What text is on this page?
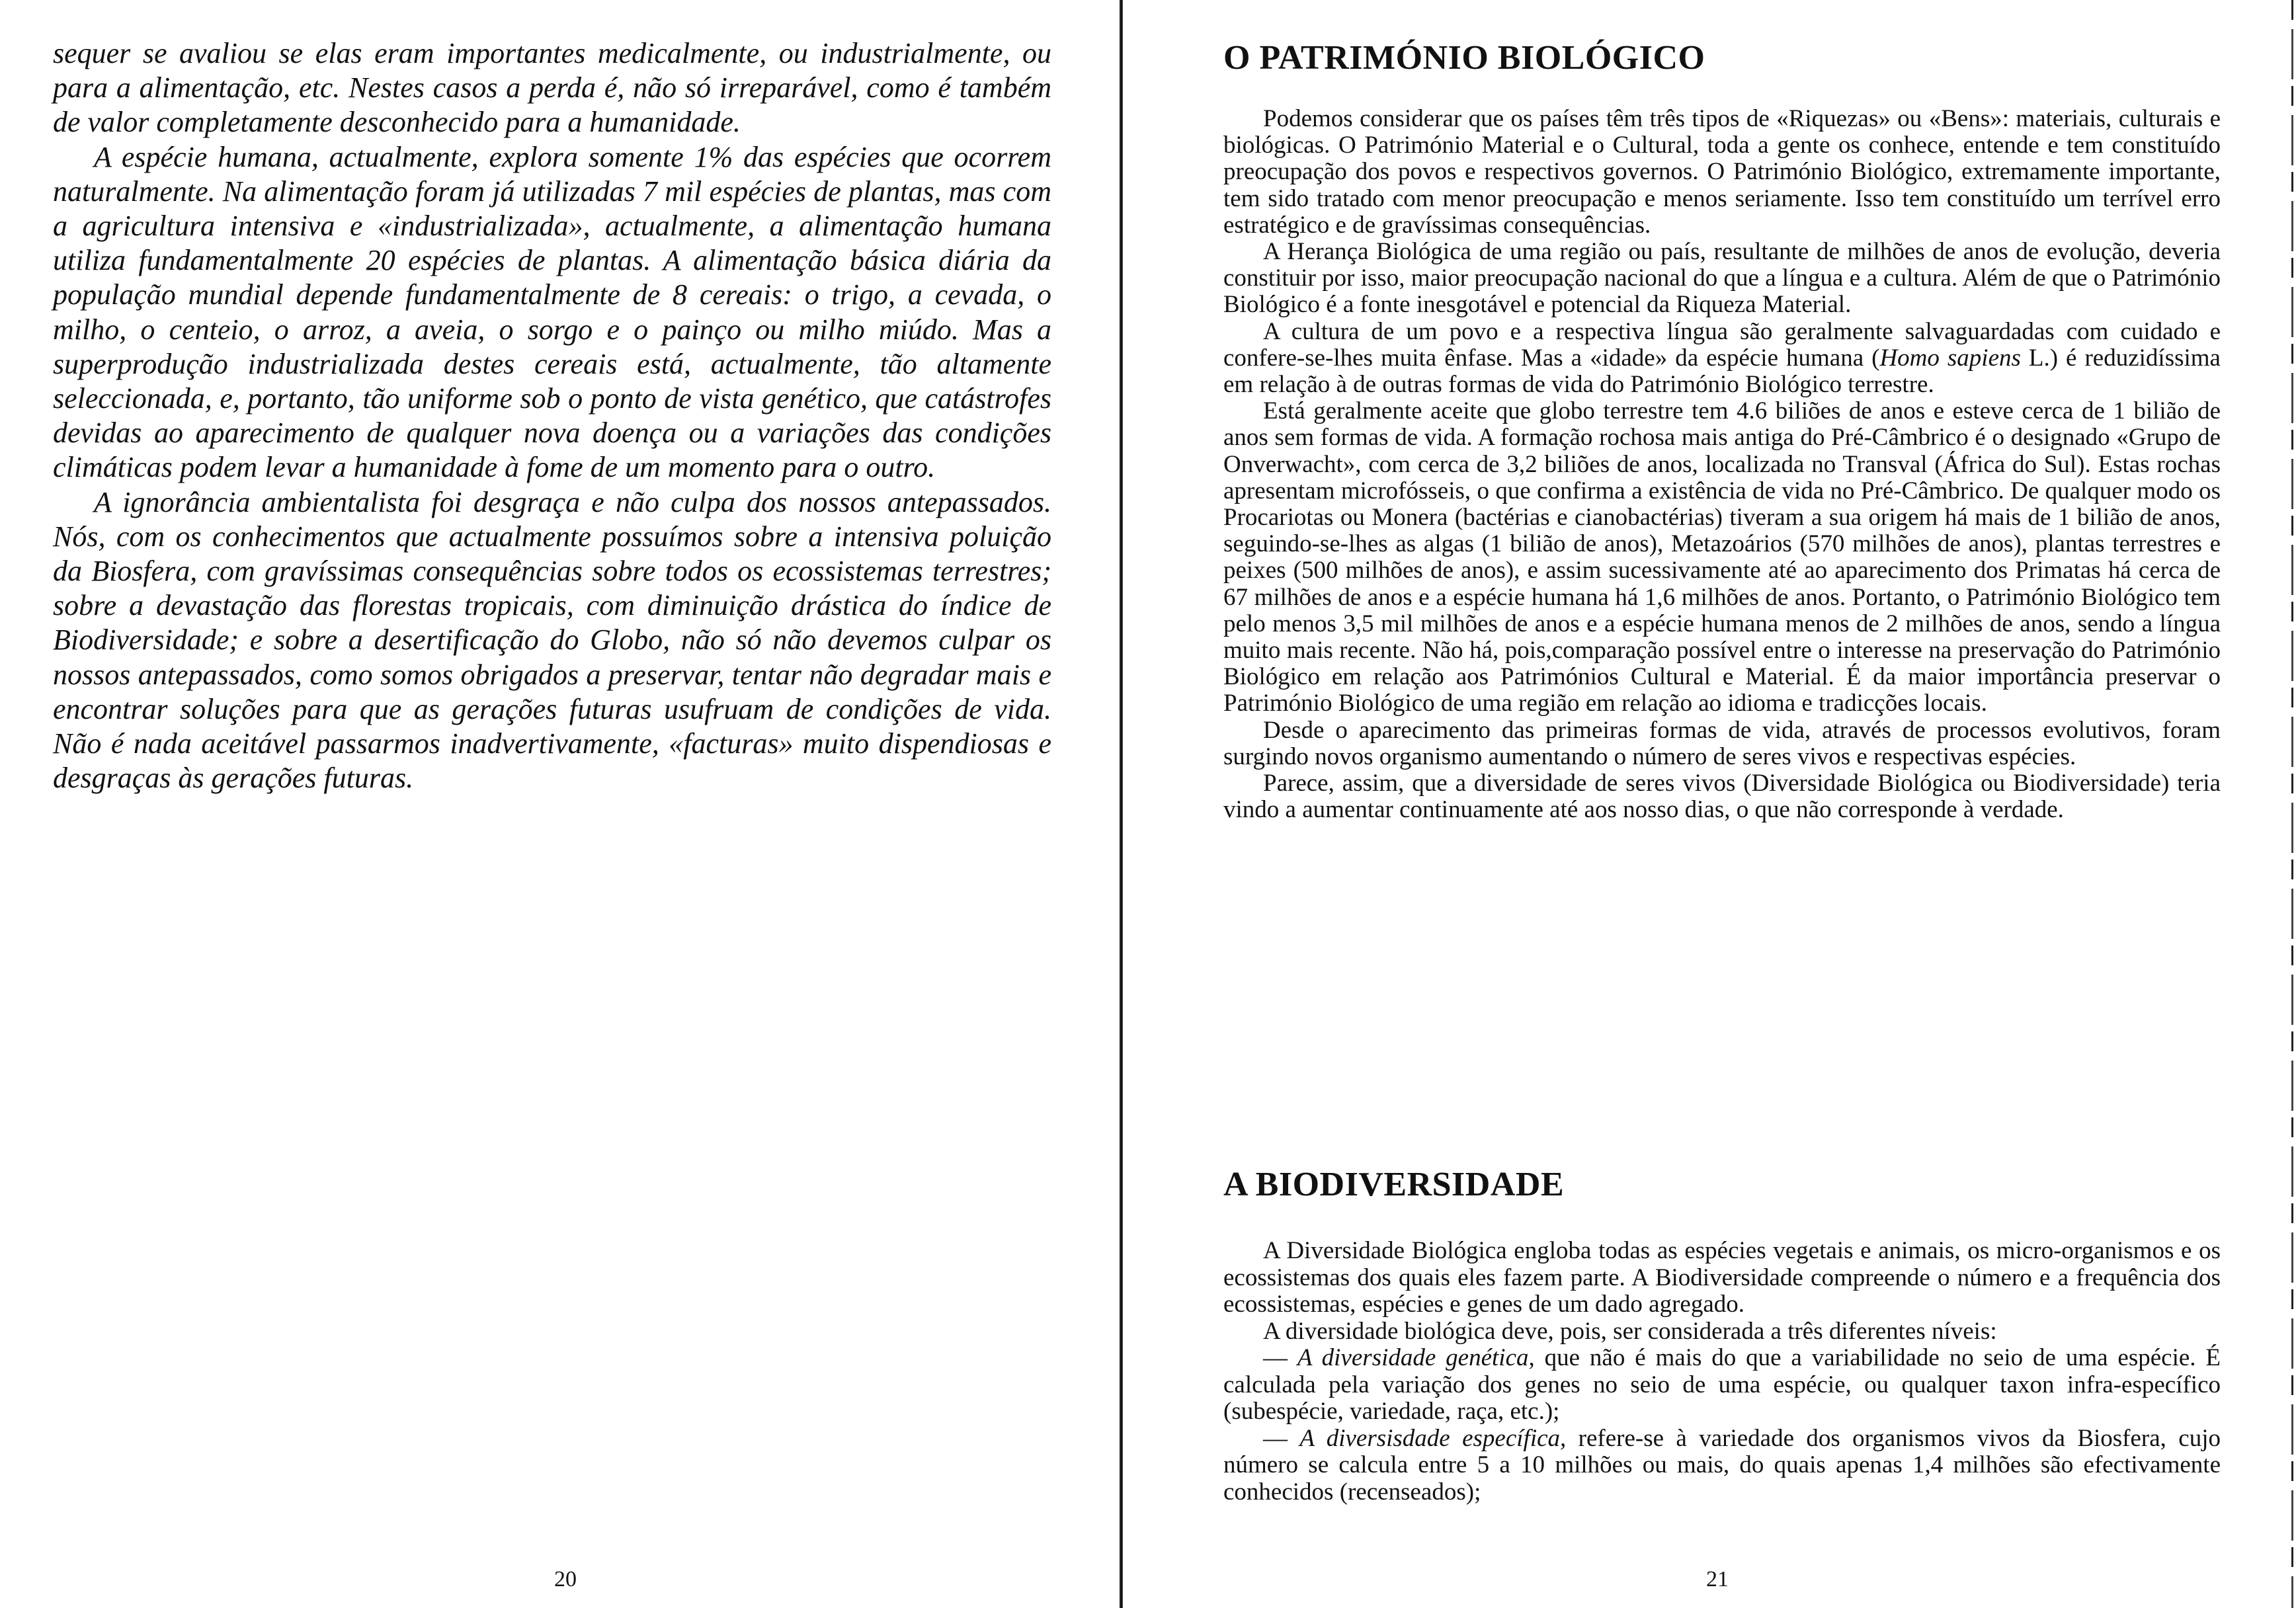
sequer se avaliou se elas eram importantes medicalmente, ou industrialmente, ou para a alimentação, etc. Nestes casos a perda é, não só irreparável, como é também de valor completamente desconhecido para a humanidade.

A espécie humana, actualmente, explora somente 1% das espécies que ocorrem naturalmente. Na alimentação foram já utilizadas 7 mil espécies de plantas, mas com a agricultura intensiva e «industrializada», actualmente, a alimentação humana utiliza fundamentalmente 20 espécies de plantas. A alimentação básica diária da população mundial depende fundamentalmente de 8 cereais: o trigo, a cevada, o milho, o centeio, o arroz, a aveia, o sorgo e o painço ou milho miúdo. Mas a superprodução industrializada destes cereais está, actualmente, tão altamente seleccionada, e, portanto, tão uniforme sob o ponto de vista genético, que catástrofes devidas ao aparecimento de qualquer nova doença ou a variações das condições climáticas podem levar a humanidade à fome de um momento para o outro.

A ignorância ambientalista foi desgraça e não culpa dos nossos antepassados. Nós, com os conhecimentos que actualmente possuímos sobre a intensiva poluição da Biosfera, com gravíssimas consequências sobre todos os ecossistemas terrestres; sobre a devastação das florestas tropicais, com diminuição drástica do índice de Biodiversidade; e sobre a desertificação do Globo, não só não devemos culpar os nossos antepassados, como somos obrigados a preservar, tentar não degradar mais e encontrar soluções para que as gerações futuras usufruam de condições de vida. Não é nada aceitável passarmos inadvertivamente, «facturas» muito dispendiosas e desgraças às gerações futuras.

20

O PATRIMÓNIO BIOLÓGICO

Podemos considerar que os países têm três tipos de «Riquezas» ou «Bens»: materiais, culturais e biológicas. O Património Material e o Cultural, toda a gente os conhece, entende e tem constituído preocupação dos povos e respectivos governos. O Património Biológico, extremamente importante, tem sido tratado com menor preocupação e menos seriamente. Isso tem constituído um terrível erro estratégico e de gravíssimas consequências.

A Herança Biológica de uma região ou país, resultante de milhões de anos de evolução, deveria constituir por isso, maior preocupação nacional do que a língua e a cultura. Além de que o Património Biológico é a fonte inesgotável e potencial da Riqueza Material.

A cultura de um povo e a respectiva língua são geralmente salvaguardadas com cuidado e confere-se-lhes muita ênfase. Mas a «idade» da espécie humana (Homo sapiens L.) é reduzidíssima em relação à de outras formas de vida do Património Biológico terrestre.

Está geralmente aceite que globo terrestre tem 4.6 biliões de anos e esteve cerca de 1 bilião de anos sem formas de vida. A formação rochosa mais antiga do Pré-Câmbrico é o designado «Grupo de Onverwacht», com cerca de 3,2 biliões de anos, localizada no Transval (África do Sul). Estas rochas apresentam microfósseis, o que confirma a existência de vida no Pré-Câmbrico. De qualquer modo os Procariotas ou Monera (bactérias e cianobactérias) tiveram a sua origem há mais de 1 bilião de anos, seguindo-se-lhes as algas (1 bilião de anos), Metazoários (570 milhões de anos), plantas terrestres e peixes (500 milhões de anos), e assim sucessivamente até ao aparecimento dos Primatas há cerca de 67 milhões de anos e a espécie humana há 1,6 milhões de anos. Portanto, o Património Biológico tem pelo menos 3,5 mil milhões de anos e a espécie humana menos de 2 milhões de anos, sendo a língua muito mais recente. Não há, pois,comparação possível entre o interesse na preservação do Património Biológico em relação aos Patrimónios Cultural e Material. É da maior importância preservar o Património Biológico de uma região em relação ao idioma e tradicções locais.

Desde o aparecimento das primeiras formas de vida, através de processos evolutivos, foram surgindo novos organismo aumentando o número de seres vivos e respectivas espécies.

Parece, assim, que a diversidade de seres vivos (Diversidade Biológica ou Biodiversidade) teria vindo a aumentar continuamente até aos nosso dias, o que não corresponde à verdade.

A BIODIVERSIDADE

A Diversidade Biológica engloba todas as espécies vegetais e animais, os micro-organismos e os ecossistemas dos quais eles fazem parte. A Biodiversidade compreende o número e a frequência dos ecossistemas, espécies e genes de um dado agregado.

A diversidade biológica deve, pois, ser considerada a três diferentes níveis:

— A diversidade genética, que não é mais do que a variabilidade no seio de uma espécie. É calculada pela variação dos genes no seio de uma espécie, ou qualquer taxon infra-específico (subespécie, variedade, raça, etc.);

— A diversisdade específica, refere-se à variedade dos organismos vivos da Biosfera, cujo número se calcula entre 5 a 10 milhões ou mais, do quais apenas 1,4 milhões são efectivamente conhecidos (recenseados);

21
